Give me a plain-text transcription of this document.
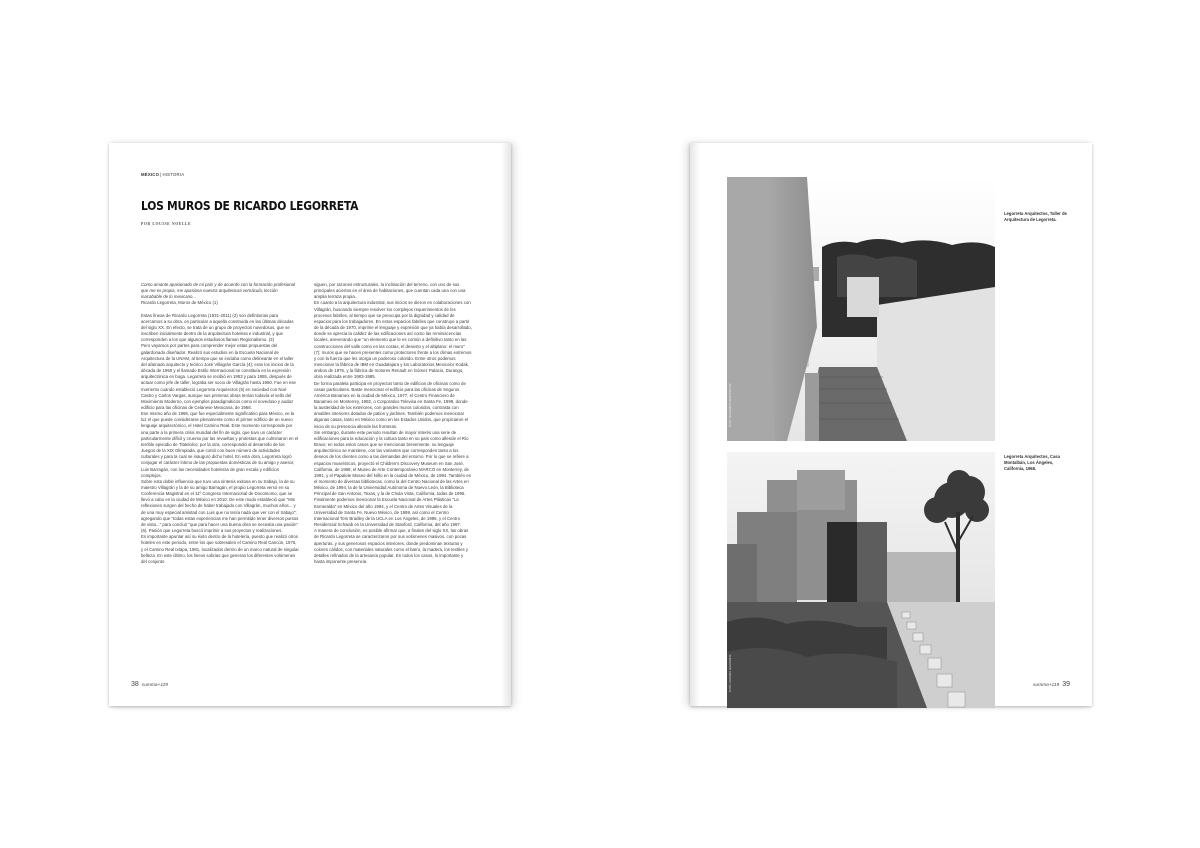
MÉXICO|HISTORIA
LOS MUROS DE RICARDO LEGORRETA
POR LOUISE NOELLE

Como amante apasionado de mi país y de acuerdo con la formación profesional que me es propia, me apasiona nuestra arquitectura vernácula, lección inacabable de lo mexicano...

Ricardo Legorreta, Muros de México (1)

Estas líneas de Ricardo Legorreta (1931-2011) (2) son definitorias para acercarnos a su obra, en particular a aquella construida en las últimas décadas del siglo XX. En efecto, se trata de un grupo de proyectos novedosos, que se inscriben inicialmente dentro de la arquitectura hotelera e industrial, y que corresponden a los que algunos estudiosos llaman Regionalismo. (3)

Pero vayamos por partes para comprender mejor estas propuestas del galardonado diseñador. Realizó sus estudios en la Escuela Nacional de Arquitectura de la UNAM, al tiempo que se iniciaba como delineante en el taller del afamado arquitecto y teórico José Villagrán García (4); eran los inicios de la década de 1950 y el llamado Estilo Internacional se constituía en la expresión arquitectónica en boga. Legorreta se recibió en 1953 y para 1955, después de actuar como jefe de taller, lograba ser socio de Villagrán hasta 1960. Fue en ese momento cuando estableció Legorreta Arquitectos (5) en sociedad con Noé Castro y Carlos Vargas, aunque sus primeras obras tenían todavía el sello del Movimiento Moderno, con ejemplos paradigmáticos como el novedoso y audaz edificio para las oficinas de Celanese Mexicana, de 1968.

Ese mismo año de 1968, que fue especialmente significativo para México, ve la luz el que puede considerarse plenamente como el primer edificio de un nuevo lenguaje arquitectónico, el Hotel Camino Real. Este momento corresponde por una parte a la primera crisis mundial del fin de siglo, que tuvo un carácter particularmente difícil y cruento por las revueltas y protestas que culminaron en el terrible episodio de Tlatelolco; por la otra, correspondió al desarrollo de los Juegos de la XIX Olimpiada, que contó con buen número de actividades culturales y para la cual se inauguró dicho hotel. En esta obra, Legorreta logró conjugar el carácter íntimo de las propuestas domésticas de su amigo y asesor, Luis Barragán, con las necesidades hoteleras de gran escala y edificios complejos.

Sobre esta doble influencia que tuvo una síntesis exitosa en su trabajo, la de su maestro Villagrán y la de su amigo Barragán, el propio Legorreta versó en su Conferencia Magistral en el 11º Congreso Internacional de Docomomo, que se llevó a cabo en la ciudad de México en 2010. De este modo estableció que "Mis reflexiones surgen del hecho de haber trabajado con Villagrán, muchos años... y de una muy especial amistad con Luis que no tenía nada que ver con el trabajo"; agregando que "todas estas experiencias me han permitido tener diversos puntos de vista..." para concluir "que para hacer una buena obra se necesita una pasión" (6). Pasión que Legorreta buscó imprimir a sus proyectos y realizaciones.

Es importante apuntar así su éxito dentro de la hotelería, puesto que realizó otros hoteles en este periodo, entre los que sobresalen el Camino Real Cancún, 1975, y el Camino Real Ixtapa, 1981, localizados dentro de un marco natural de singular belleza. En este último, los lineos sobrias que generan los diferentes volúmenes del conjunto

siguen, por razones estructurales, la inclinación del terreno, con uno de sus principales aciertos en el área de habitaciones, que cuentan cada una con una amplia terraza propia.

En cuanto a la arquitectura industrial, sus inicios se dieron en colaboraciones con Villagrán, buscando siempre resolver los complejos requerimientos de los procesos fabriles, al tiempo que se preocupa por la dignidad y calidad de espacios para los trabajadores. En estos espacios fabriles que construye a partir de la década de 1970, imprime el lenguaje y expresión que ya había desarrollado, donde se aprecia la calidez de las edificaciones así como las reminiscencias locales, aseverando que "un elemento que le es común a definitivo tanto en las construcciones del valle como en las costas, el desierto y el altiplano: el muro" (7); muros que se hacen presentes como protectores frente a los climas extremos y con la fuerza que les otorga un poderoso colorido. Entre otros podemos mencionar la fábrica de IBM en Guadalajara y los Laboratorios Mexicolor Kodak, ambos de 1975, y la fábrica de motores Renault en Gómez Palacio, Durango, obra realizada entre 1983-1985.

De forma paralela participa en proyectos tanto de edificios de oficinas como de casas particulares. Baste mencionar el edificio para las oficinas de Seguros América Banamex en la ciudad de México, 1977, el Centro Financiero de Banamex en Monterrey, 1982, o Corporativo Televisa en Santa Fe, 1999, donde la austeridad de los exteriores, con grandes muros coloridos, contrasta con amables interiores dotados de patios y jardines. También podemos mencionar algunas casas, tanto en México como en los Estados Unidos, que propiciaron el inicio de su presencia allende las fronteras.

Sin embargo, durante este periodo resultan de mayor interés una serie de edificaciones para la educación y la cultura tanto en su país como allende el Río Bravo; en todos estos casos que se mencionan brevemente, su lenguaje arquitectónico se mantiene, con las variantes que corresponden tanto a los deseos de los clientes como a las demandas del entorno. Por lo que se refiere a espacios museísticos, proyectó el Children's Discovery Museum en San José, California, de 1989, el Museo de Arte Contemporáneo MARCO en Monterrey, de 1991, y el Papalote Museo del Niño en la ciudad de México, de 1994. También es el momento de diversas bibliotecas, como la del Centro Nacional de las Artes en México, de 1994, la de la Universidad Autónoma de Nuevo León, la Biblioteca Principal de San Antonio, Texas, y la de Chula Vista, California, todas de 1995. Finalmente podemos mencionar la Escuela Nacional de Artes Plásticas "La Esmeralda" en México del año 1994, y el Centro de Artes Visuales de la Universidad de Santa Fe, Nuevo México, de 1999, así como el Centro Internacional Tom Bradley de la UCLA en Los Ángeles, de 1996, y el Centro Residencial Schwab en la Universidad de Stanford, California, del año 1997.

A manera de conclusión, es posible afirmar que, a finales del siglo XX, las obras de Ricardo Legorreta se caracterizaron por sus volúmenes masivos, con pocas aperturas, y sus generosos espacios interiores, donde predominan texturas y colores cálidos, con materiales naturales como el barro, la madera, los textiles y detalles refinados de la artesanía popular. En todos los casos, lo importante y hasta imponente presencia

38 summa+119
FOTO: LEGORRETA ARQUITECTOS
Legorreta Arquitectos, Taller de Arquitectura de Legorreta.
FOTO: LOURDES LEGORRETA
Legorreta Arquitectos, Casa Montalbán, Los Ángeles, California, 1968.
summa+119 39
